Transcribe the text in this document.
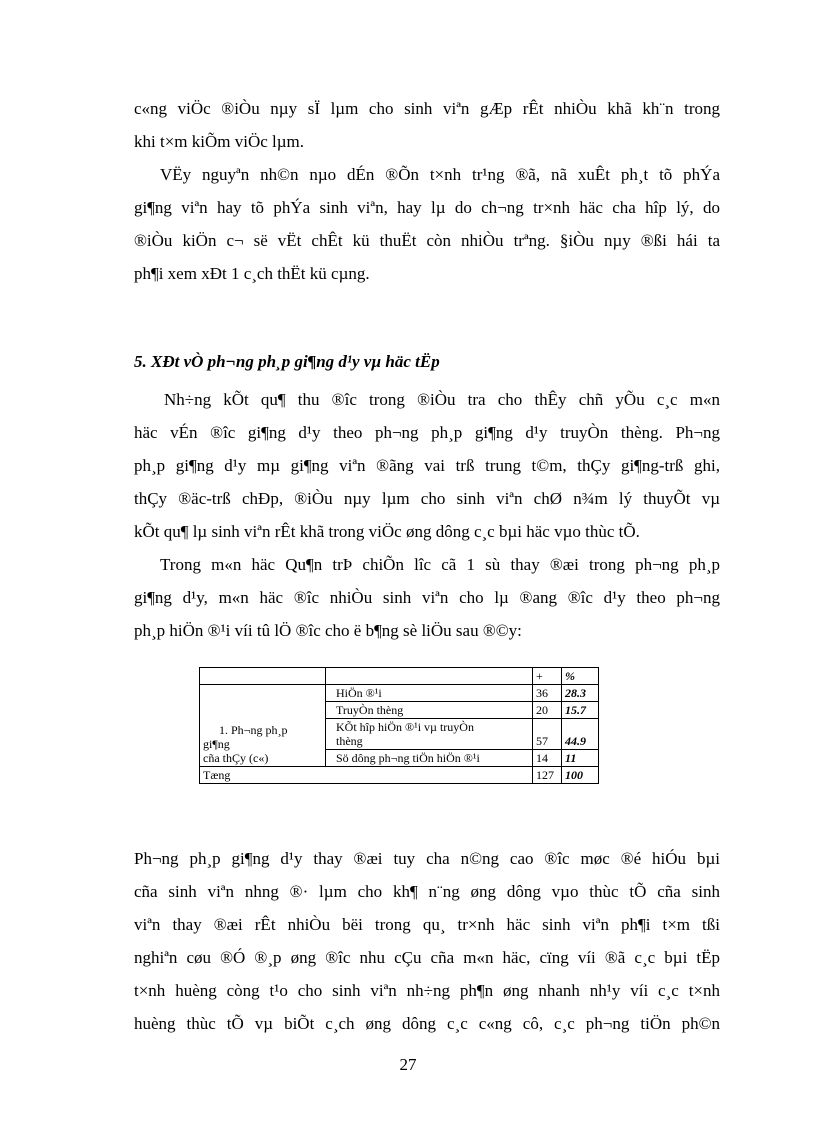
c«ng viÖc ®iÒu nµy sÏ lµm cho sinh viªn gÆp rÊt nhiÒu khã kh¨n trong
khi t×m kiÕm viÖc lµm.
VËy nguyªn nh©n nµo dÉn ®Õn t×nh tr¹ng ®ã, nã xuÊt ph¸t tõ phÝa
gi¶ng viªn hay tõ phÝa sinh viªn, hay lµ do ch¬ng tr×nh häc cha hîp lý, do
®iÒu kiÖn c¬ së vËt chÊt kü thuËt còn nhiÒu trªng. §iÒu nµy ®ßi hái ta
ph¶i xem xÐt 1 c¸ch thËt kü cµng.

5. XÐt vÒ ph¬ng ph¸p gi¶ng d¹y vµ häc tËp

Nh÷ng kÕt qu¶ thu ®îc trong ®iÒu tra cho thÊy chñ yÕu c¸c m«n
häc vÉn ®îc gi¶ng d¹y theo ph¬ng ph¸p gi¶ng d¹y truyÒn thèng. Ph¬ng
ph¸p gi¶ng d¹y mµ gi¶ng viªn ®ãng vai trß trung t©m, thÇy gi¶ng-trß ghi,
thÇy ®äc-trß chÐp, ®iÒu nµy lµm cho sinh viªn chØ n¾m lý thuyÕt vµ
kÕt qu¶ lµ sinh viªn rÊt khã trong viÖc øng dông c¸c bµi häc vµo thùc tÕ.
Trong m«n häc Qu¶n trÞ chiÕn lîc cã 1 sù thay ®æi trong ph¬ng ph¸p
gi¶ng d¹y, m«n häc ®îc nhiÒu sinh viªn cho lµ ®ang ®îc d¹y theo ph¬ng
ph¸p hiÖn ®¹i víi tû lÖ ®îc cho ë b¶ng sè liÖu sau ®©y:
		+	%

1. Ph¬ng ph¸p
gi¶ng
cña thÇy (c«)	HiÖn ®¹i	36	28.3
	TruyÒn thèng	20	15.7

	KÕt hîp hiÖn ®¹i vµ truyÒn
thèng	57	44.9
	Sö dông ph¬ng tiÖn hiÖn ®¹i	14	11
Tæng		127	100
Ph¬ng ph¸p gi¶ng d¹y thay ®æi tuy cha n©ng cao ®îc møc ®é hiÓu bµi
cña sinh viªn nhng ®· lµm cho kh¶ n¨ng øng dông vµo thùc tÕ cña sinh
viªn thay ®æi rÊt nhiÒu bëi trong qu¸ tr×nh häc sinh viªn ph¶i t×m tßi
nghiªn cøu ®Ó ®¸p øng ®îc nhu cÇu cña m«n häc, cïng víi ®ã c¸c bµi tËp
t×nh huèng còng t¹o cho sinh viªn nh÷ng ph¶n øng nhanh nh¹y víi c¸c t×nh
huèng thùc tÕ vµ biÕt c¸ch øng dông c¸c c«ng cô, c¸c ph¬ng tiÖn ph©n
27
